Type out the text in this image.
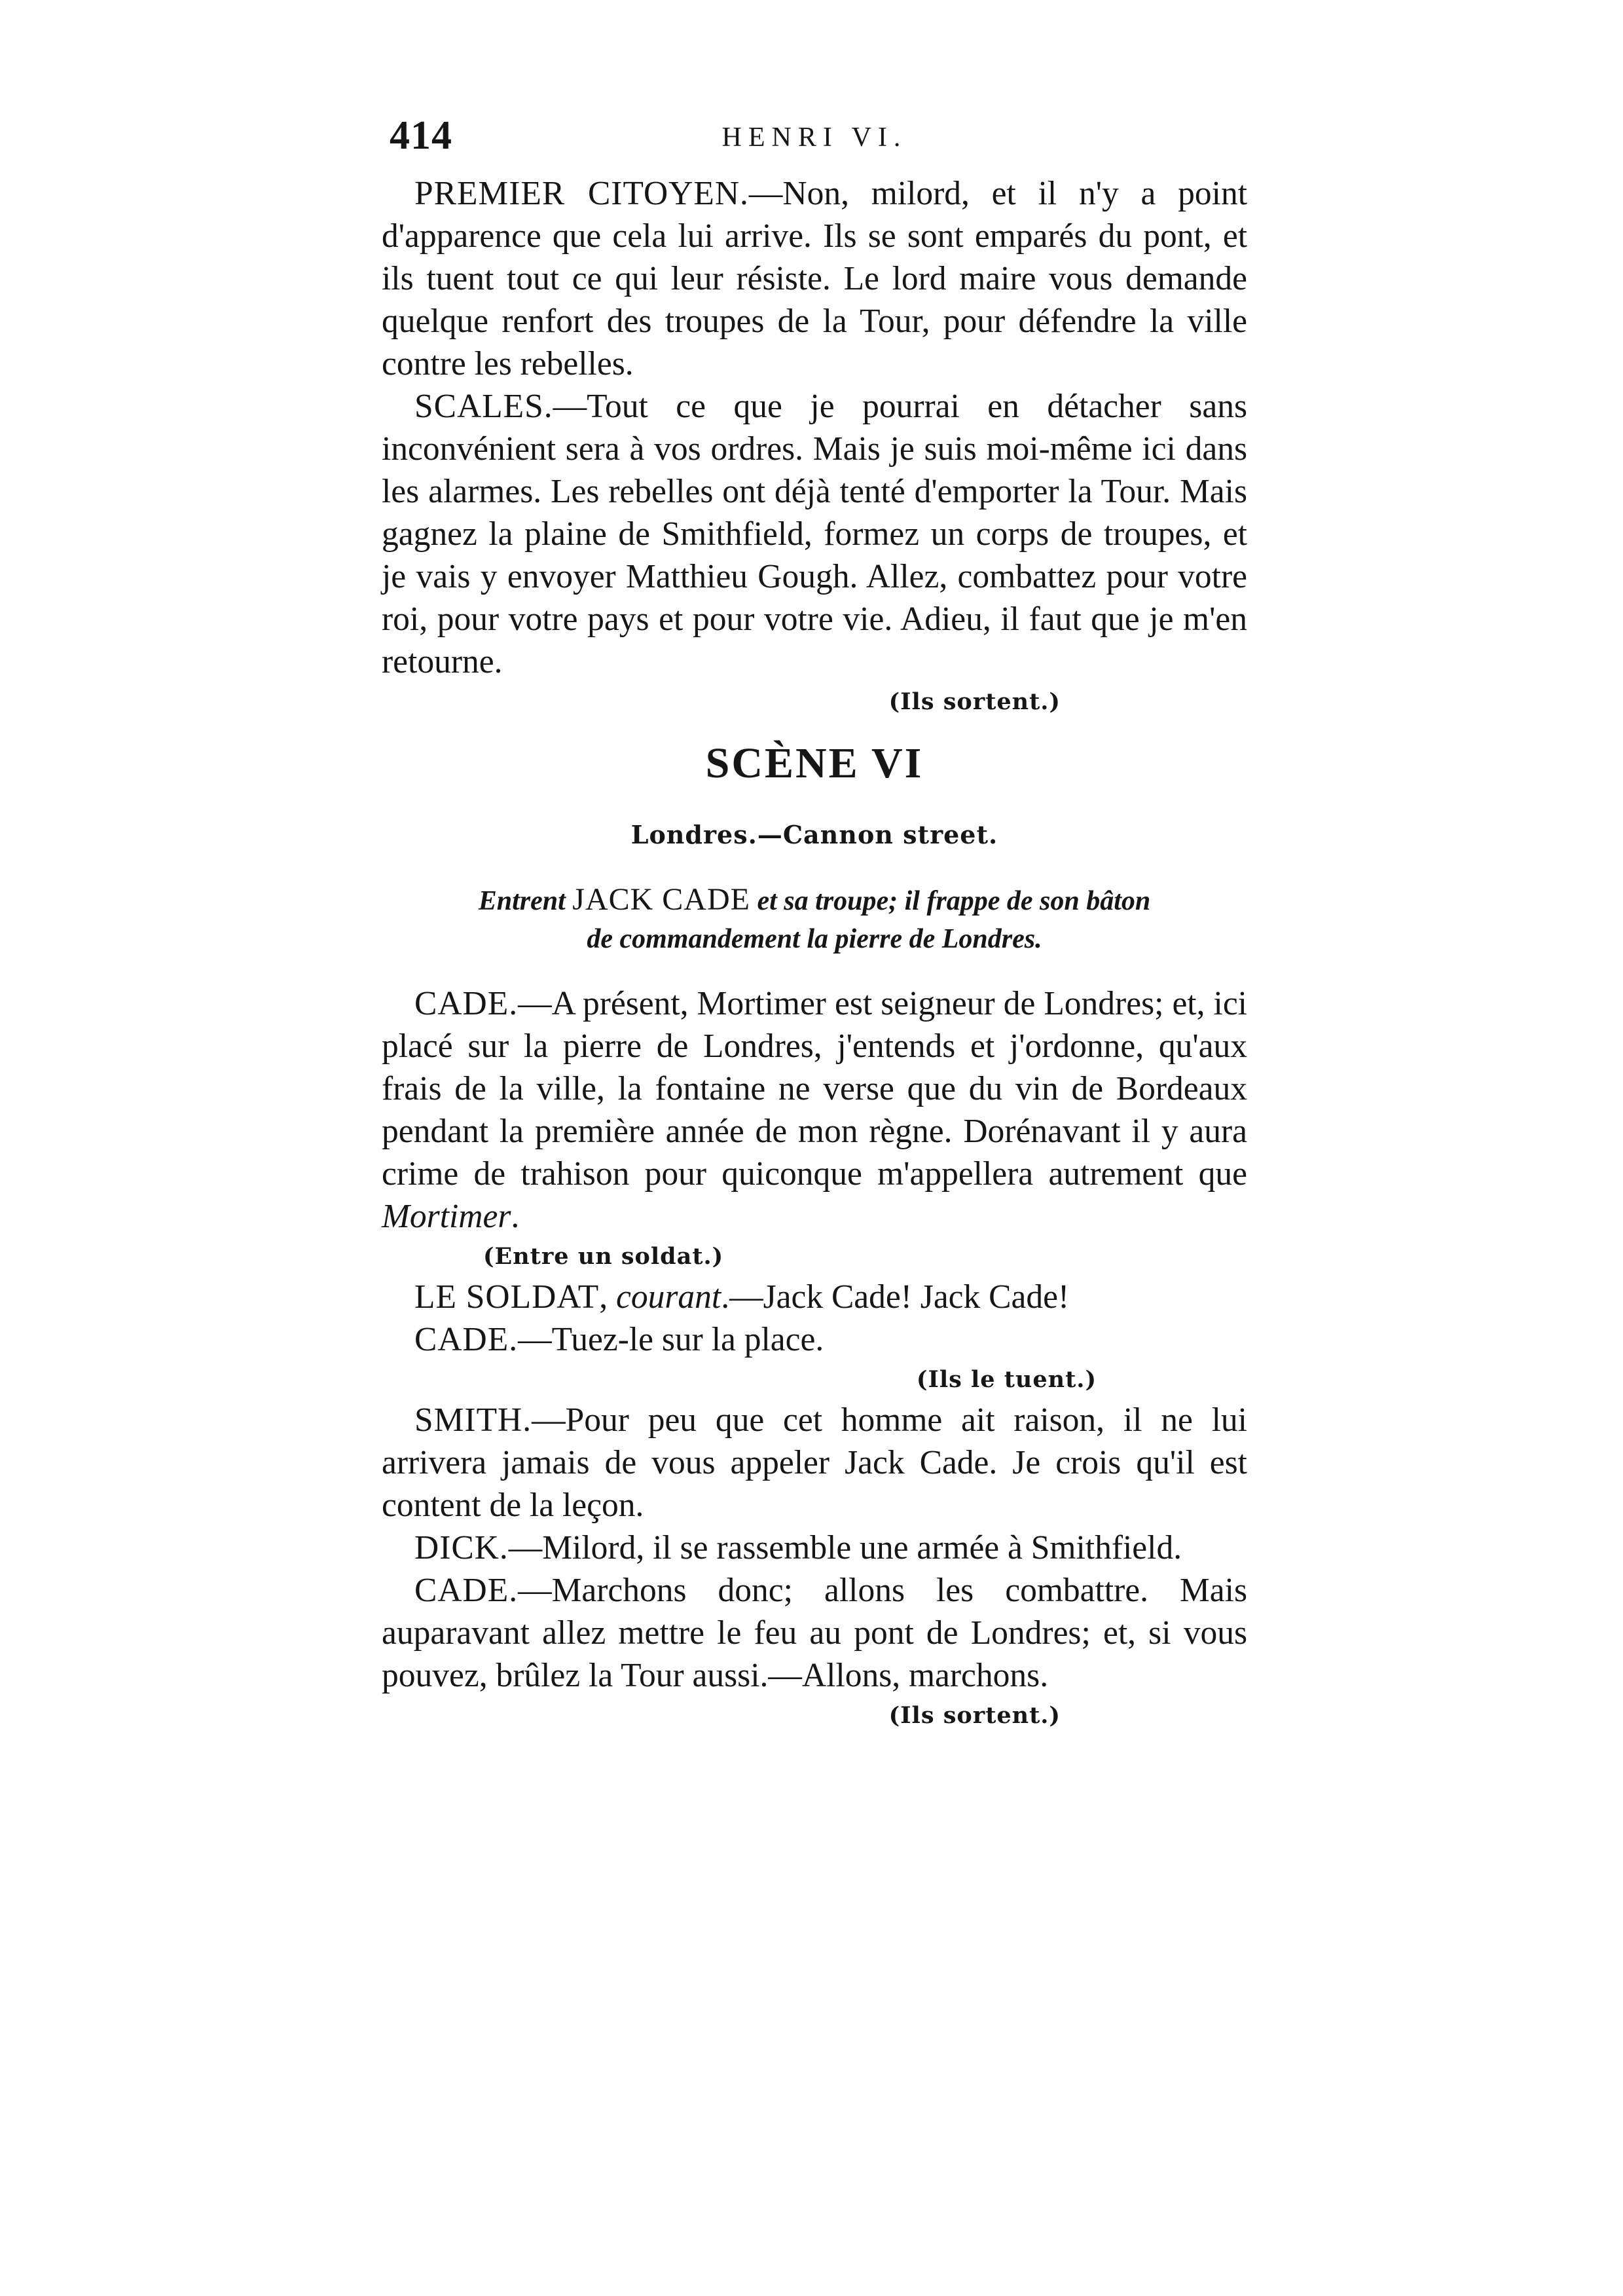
414	HENRI VI.

PREMIER CITOYEN.—Non, milord, et il n'y a point d'apparence que cela lui arrive. Ils se sont emparés du pont, et ils tuent tout ce qui leur résiste. Le lord maire vous demande quelque renfort des troupes de la Tour, pour défendre la ville contre les rebelles.

SCALES.—Tout ce que je pourrai en détacher sans inconvénient sera à vos ordres. Mais je suis moi-même ici dans les alarmes. Les rebelles ont déjà tenté d'emporter la Tour. Mais gagnez la plaine de Smithfield, formez un corps de troupes, et je vais y envoyer Matthieu Gough. Allez, combattez pour votre roi, pour votre pays et pour votre vie. Adieu, il faut que je m'en retourne.

(Ils sortent.)

SCÈNE VI

Londres.—Cannon street.

Entrent JACK CADE et sa troupe; il frappe de son bâton
de commandement la pierre de Londres.

CADE.—A présent, Mortimer est seigneur de Londres; et, ici placé sur la pierre de Londres, j'entends et j'ordonne, qu'aux frais de la ville, la fontaine ne verse que du vin de Bordeaux pendant la première année de mon règne. Dorénavant il y aura crime de trahison pour quiconque m'appellera autrement que Mortimer.

(Entre un soldat.)

LE SOLDAT, courant.—Jack Cade! Jack Cade!

CADE.—Tuez-le sur la place.

(Ils le tuent.)

SMITH.—Pour peu que cet homme ait raison, il ne lui arrivera jamais de vous appeler Jack Cade. Je crois qu'il est content de la leçon.

DICK.—Milord, il se rassemble une armée à Smithfield.

CADE.—Marchons donc; allons les combattre. Mais auparavant allez mettre le feu au pont de Londres; et, si vous pouvez, brûlez la Tour aussi.—Allons, marchons.

(Ils sortent.)
